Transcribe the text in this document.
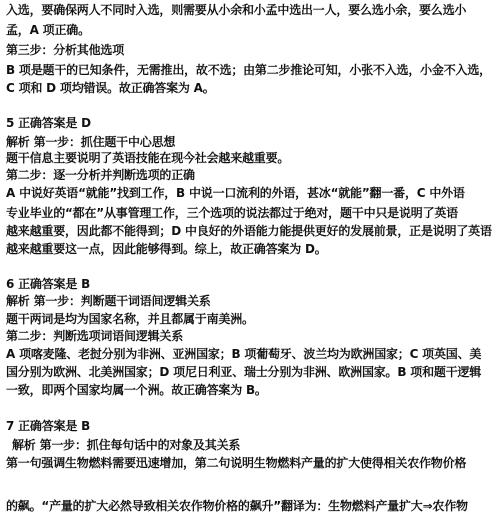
入选，要确保两人不同时入选，则需要从小余和小孟中选出一人，要么选小余，要么选小
孟，A 项正确。
第三步：分析其他选项
B 项是题干的已知条件，无需推出，故不选；由第二步推论可知，小张不入选，小金不入选，
C 项和 D 项均错误。故正确答案为 A。
5 正确答案是 D
解析 第一步：抓住题干中心思想
题干信息主要说明了英语技能在现今社会越来越重要。
第二步：逐一分析并判断选项的正确
A 中说好英语“就能”找到工作，B 中说一口流利的外语，甚冰“就能”翻一番，C 中外语
专业毕业的“都在”从事管理工作，三个选项的说法都过于绝对，题干中只是说明了英语
越来越重要，因此都不能得到；D 中良好的外语能力能提供更好的发展前景，正是说明了英语
越来越重要这一点，因此能够得到。综上，故正确答案为 D。
6 正确答案是 B
解析 第一步：判断题干词语间逻辑关系
题干两词是均为国家名称，并且都属于南美洲。
第二步：判断选项词语间逻辑关系
A 项喀麦隆、老挝分别为非洲、亚洲国家；B 项葡萄牙、波兰均为欧洲国家；C 项英国、美
国分别为欧洲、北美洲国家；D 项尼日利亚、瑞士分别为非洲、欧洲国家。B 项和题干逻辑
一致，即两个国家均属一个洲。故正确答案为 B。
7 正确答案是 B
解析 第一步：抓住每句话中的对象及其关系
第一句强调生物燃料需要迅速增加，第二句说明生物燃料产量的扩大使得相关农作物价格
的飙。“产量的扩大必然导致相关农作物价格的飙升”翻译为：生物燃料产量扩大⇒农作物
